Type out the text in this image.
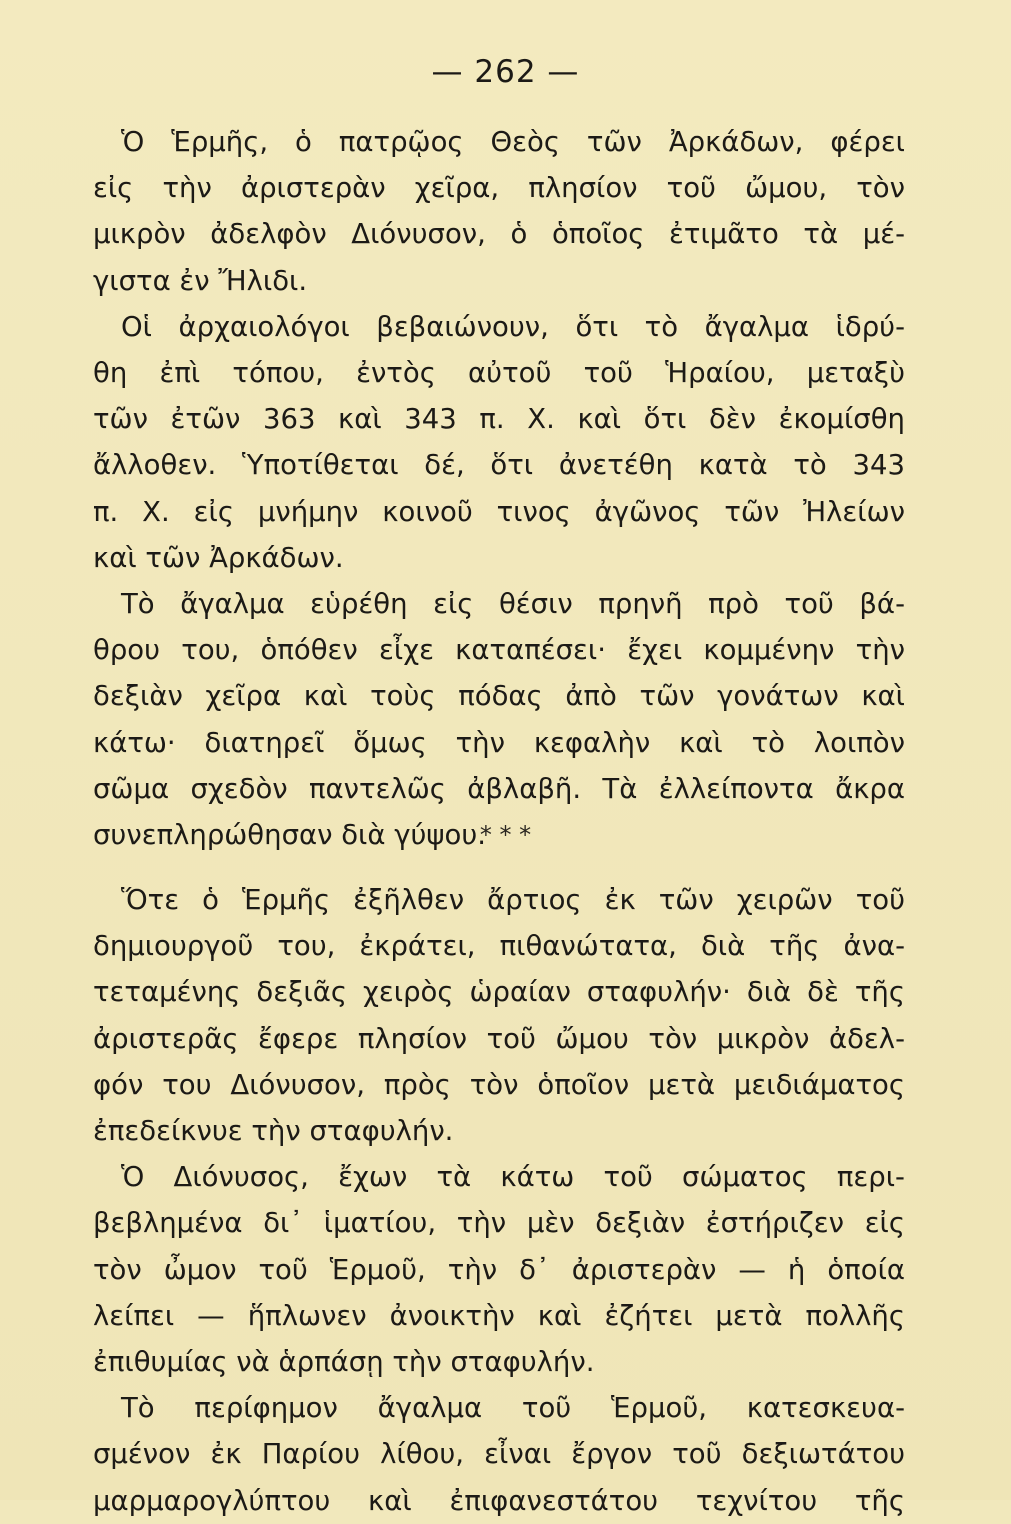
— 262 —

Ὁ Ἑρμῆς, ὁ πατρῷος Θεὸς τῶν Ἀρκάδων, φέρει
εἰς τὴν ἀριστερὰν χεῖρα, πλησίον τοῦ ὤμου, τὸν
μικρὸν ἀδελφὸν Διόνυσον, ὁ ὁποῖος ἐτιμᾶτο τὰ μέ-
γιστα ἐν Ἤλιδι.

Οἱ ἀρχαιολόγοι βεβαιώνουν, ὅτι τὸ ἄγαλμα ἱδρύ-
θη ἐπὶ τόπου, ἐντὸς αὐτοῦ τοῦ Ἡραίου, μεταξὺ
τῶν ἐτῶν 363 καὶ 343 π. Χ. καὶ ὅτι δὲν ἐκομίσθη
ἄλλοθεν. Ὑποτίθεται δέ, ὅτι ἀνετέθη κατὰ τὸ 343
π. Χ. εἰς μνήμην κοινοῦ τινος ἀγῶνος τῶν Ἠλείων
καὶ τῶν Ἀρκάδων.

Τὸ ἄγαλμα εὑρέθη εἰς θέσιν πρηνῆ πρὸ τοῦ βά-
θρου του, ὁπόθεν εἶχε καταπέσει· ἔχει κομμένην τὴν
δεξιὰν χεῖρα καὶ τοὺς πόδας ἀπὸ τῶν γονάτων καὶ
κάτω· διατηρεῖ ὅμως τὴν κεφαλὴν καὶ τὸ λοιπὸν
σῶμα σχεδὸν παντελῶς ἀβλαβῆ. Τὰ ἐλλείποντα ἄκρα
συνεπληρώθησαν διὰ γύψου.

* * *

Ὅτε ὁ Ἑρμῆς ἐξῆλθεν ἄρτιος ἐκ τῶν χειρῶν τοῦ
δημιουργοῦ του, ἐκράτει, πιθανώτατα, διὰ τῆς ἀνα-
τεταμένης δεξιᾶς χειρὸς ὡραίαν σταφυλήν· διὰ δὲ τῆς
ἀριστερᾶς ἔφερε πλησίον τοῦ ὤμου τὸν μικρὸν ἀδελ-
φόν του Διόνυσον, πρὸς τὸν ὁποῖον μετὰ μειδιάματος
ἐπεδείκνυε τὴν σταφυλήν.

Ὁ Διόνυσος, ἔχων τὰ κάτω τοῦ σώματος περι-
βεβλημένα δι᾽ ἱματίου, τὴν μὲν δεξιὰν ἐστήριζεν εἰς
τὸν ὦμον τοῦ Ἑρμοῦ, τὴν δ᾽ ἀριστερὰν — ἡ ὁποία
λείπει — ἥπλωνεν ἀνοικτὴν καὶ ἐζήτει μετὰ πολλῆς
ἐπιθυμίας νὰ ἁρπάσῃ τὴν σταφυλήν.

Τὸ περίφημον ἄγαλμα τοῦ Ἑρμοῦ, κατεσκευα-
σμένον ἐκ Παρίου λίθου, εἶναι ἔργον τοῦ δεξιωτάτου
μαρμαρογλύπτου καὶ ἐπιφανεστάτου τεχνίτου τῆς
